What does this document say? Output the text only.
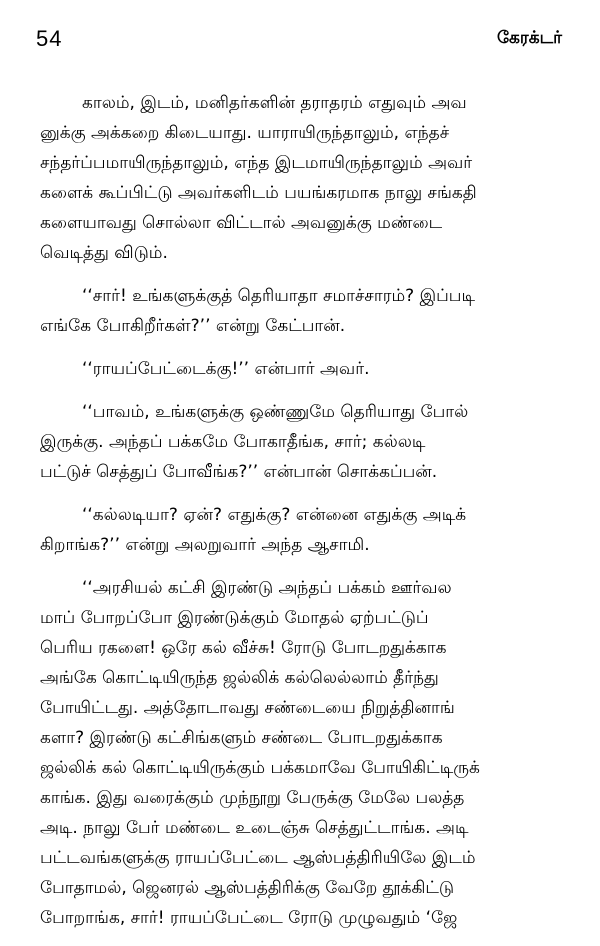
54	கேரக்டர்
காலம், இடம், மனிதர்களின் தராதரம் எதுவும் அவ
னுக்கு அக்கறை கிடையாது. யாராயிருந்தாலும், எந்தச்
சந்தர்ப்பமாயிருந்தாலும், எந்த இடமாயிருந்தாலும் அவர்
களைக் கூப்பிட்டு அவர்களிடம் பயங்கரமாக நாலு சங்கதி
களையாவது சொல்லா விட்டால் அவனுக்கு மண்டை
வெடித்து விடும்.
‘‘சார்! உங்களுக்குத் தெரியாதா சமாச்சாரம்? இப்படி
எங்கே போகிறீர்கள்?’’ என்று கேட்பான்.
‘‘ராயப்பேட்டைக்கு!’’ என்பார் அவர்.
‘‘பாவம், உங்களுக்கு ஒண்ணுமே தெரியாது போல்
இருக்கு. அந்தப் பக்கமே போகாதீங்க, சார்; கல்லடி
பட்டுச் செத்துப் போவீங்க?’’ என்பான் சொக்கப்பன்.
‘‘கல்லடியா? ஏன்? எதுக்கு? என்னை எதுக்கு அடிக்
கிறாங்க?’’ என்று அலறுவார் அந்த ஆசாமி.
‘‘அரசியல் கட்சி இரண்டு அந்தப் பக்கம் ஊர்வல
மாப் போறப்போ இரண்டுக்கும் மோதல் ஏற்பட்டுப்
பெரிய ரகளை! ஒரே கல் வீச்சு! ரோடு போடறதுக்காக
அங்கே கொட்டியிருந்த ஜல்லிக் கல்லெல்லாம் தீர்ந்து
போயிட்டது. அத்தோடாவது சண்டையை நிறுத்தினாங்
களா? இரண்டு கட்சிங்களும் சண்டை போடறதுக்காக
ஜல்லிக் கல் கொட்டியிருக்கும் பக்கமாவே போயிகிட்டிருக்
காங்க. இது வரைக்கும் முந்நூறு பேருக்கு மேலே பலத்த
அடி. நாலு பேர் மண்டை உடைஞ்சு செத்துட்டாங்க. அடி
பட்டவங்களுக்கு ராயப்பேட்டை ஆஸ்பத்திரியிலே இடம்
போதாமல், ஜெனரல் ஆஸ்பத்திரிக்கு வேறே தூக்கிட்டு
போறாங்க, சார்! ராயப்பேட்டை ரோடு முழுவதும் ‘ஜே
